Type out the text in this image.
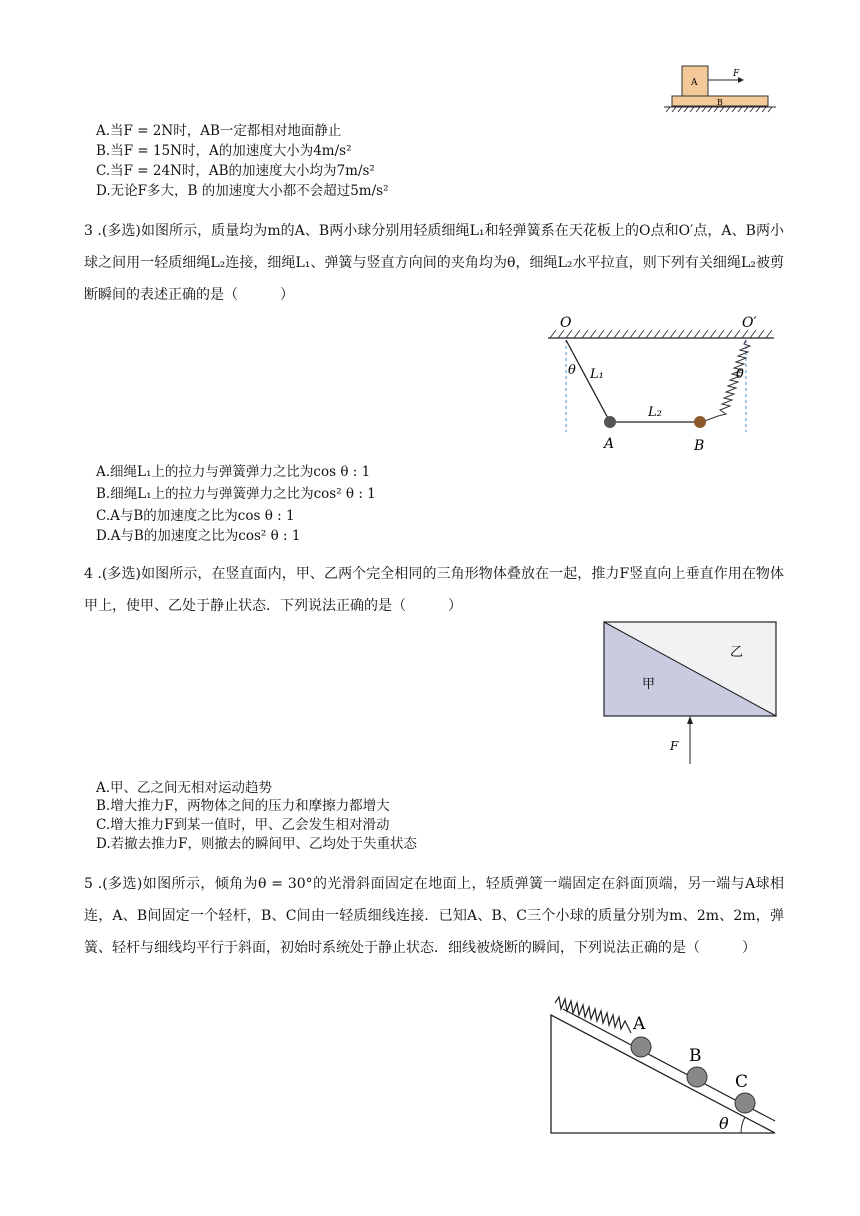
A
F
B
A.当F = 2N时，AB一定都相对地面静止
B.当F = 15N时，A的加速度大小为4m/s²
C.当F = 24N时，AB的加速度大小均为7m/s²
D.无论F多大，B 的加速度大小都不会超过5m/s²
3 .(多选)如图所示，质量均为m的A、B两小球分别用轻质细绳L₁和轻弹簧系在天花板上的O点和O′点，A、B两小球之间用一轻质细绳L₂连接，细绳L₁、弹簧与竖直方向间的夹角均为θ，细绳L₂水平拉直，则下列有关细绳L₂被剪断瞬间的表述正确的是（　　　）
O	O′
θ L₁	θ
L₂
A	B
A.细绳L₁上的拉力与弹簧弹力之比为cos θ : 1
B.细绳L₁上的拉力与弹簧弹力之比为cos² θ : 1
C.A与B的加速度之比为cos θ : 1
D.A与B的加速度之比为cos² θ : 1
4 .(多选)如图所示，在竖直面内，甲、乙两个完全相同的三角形物体叠放在一起，推力F竖直向上垂直作用在物体甲上，使甲、乙处于静止状态．下列说法正确的是（　　　）
甲
乙
F
A.甲、乙之间无相对运动趋势
B.增大推力F，两物体之间的压力和摩擦力都增大
C.增大推力F到某一值时，甲、乙会发生相对滑动
D.若撤去推力F，则撤去的瞬间甲、乙均处于失重状态
5 .(多选)如图所示，倾角为θ = 30°的光滑斜面固定在地面上，轻质弹簧一端固定在斜面顶端，另一端与A球相连，A、B间固定一个轻杆，B、C间由一轻质细线连接．已知A、B、C三个小球的质量分别为m、2m、2m，弹簧、轻杆与细线均平行于斜面，初始时系统处于静止状态．细线被烧断的瞬间，下列说法正确的是（　　　）
A
B
C
θ
